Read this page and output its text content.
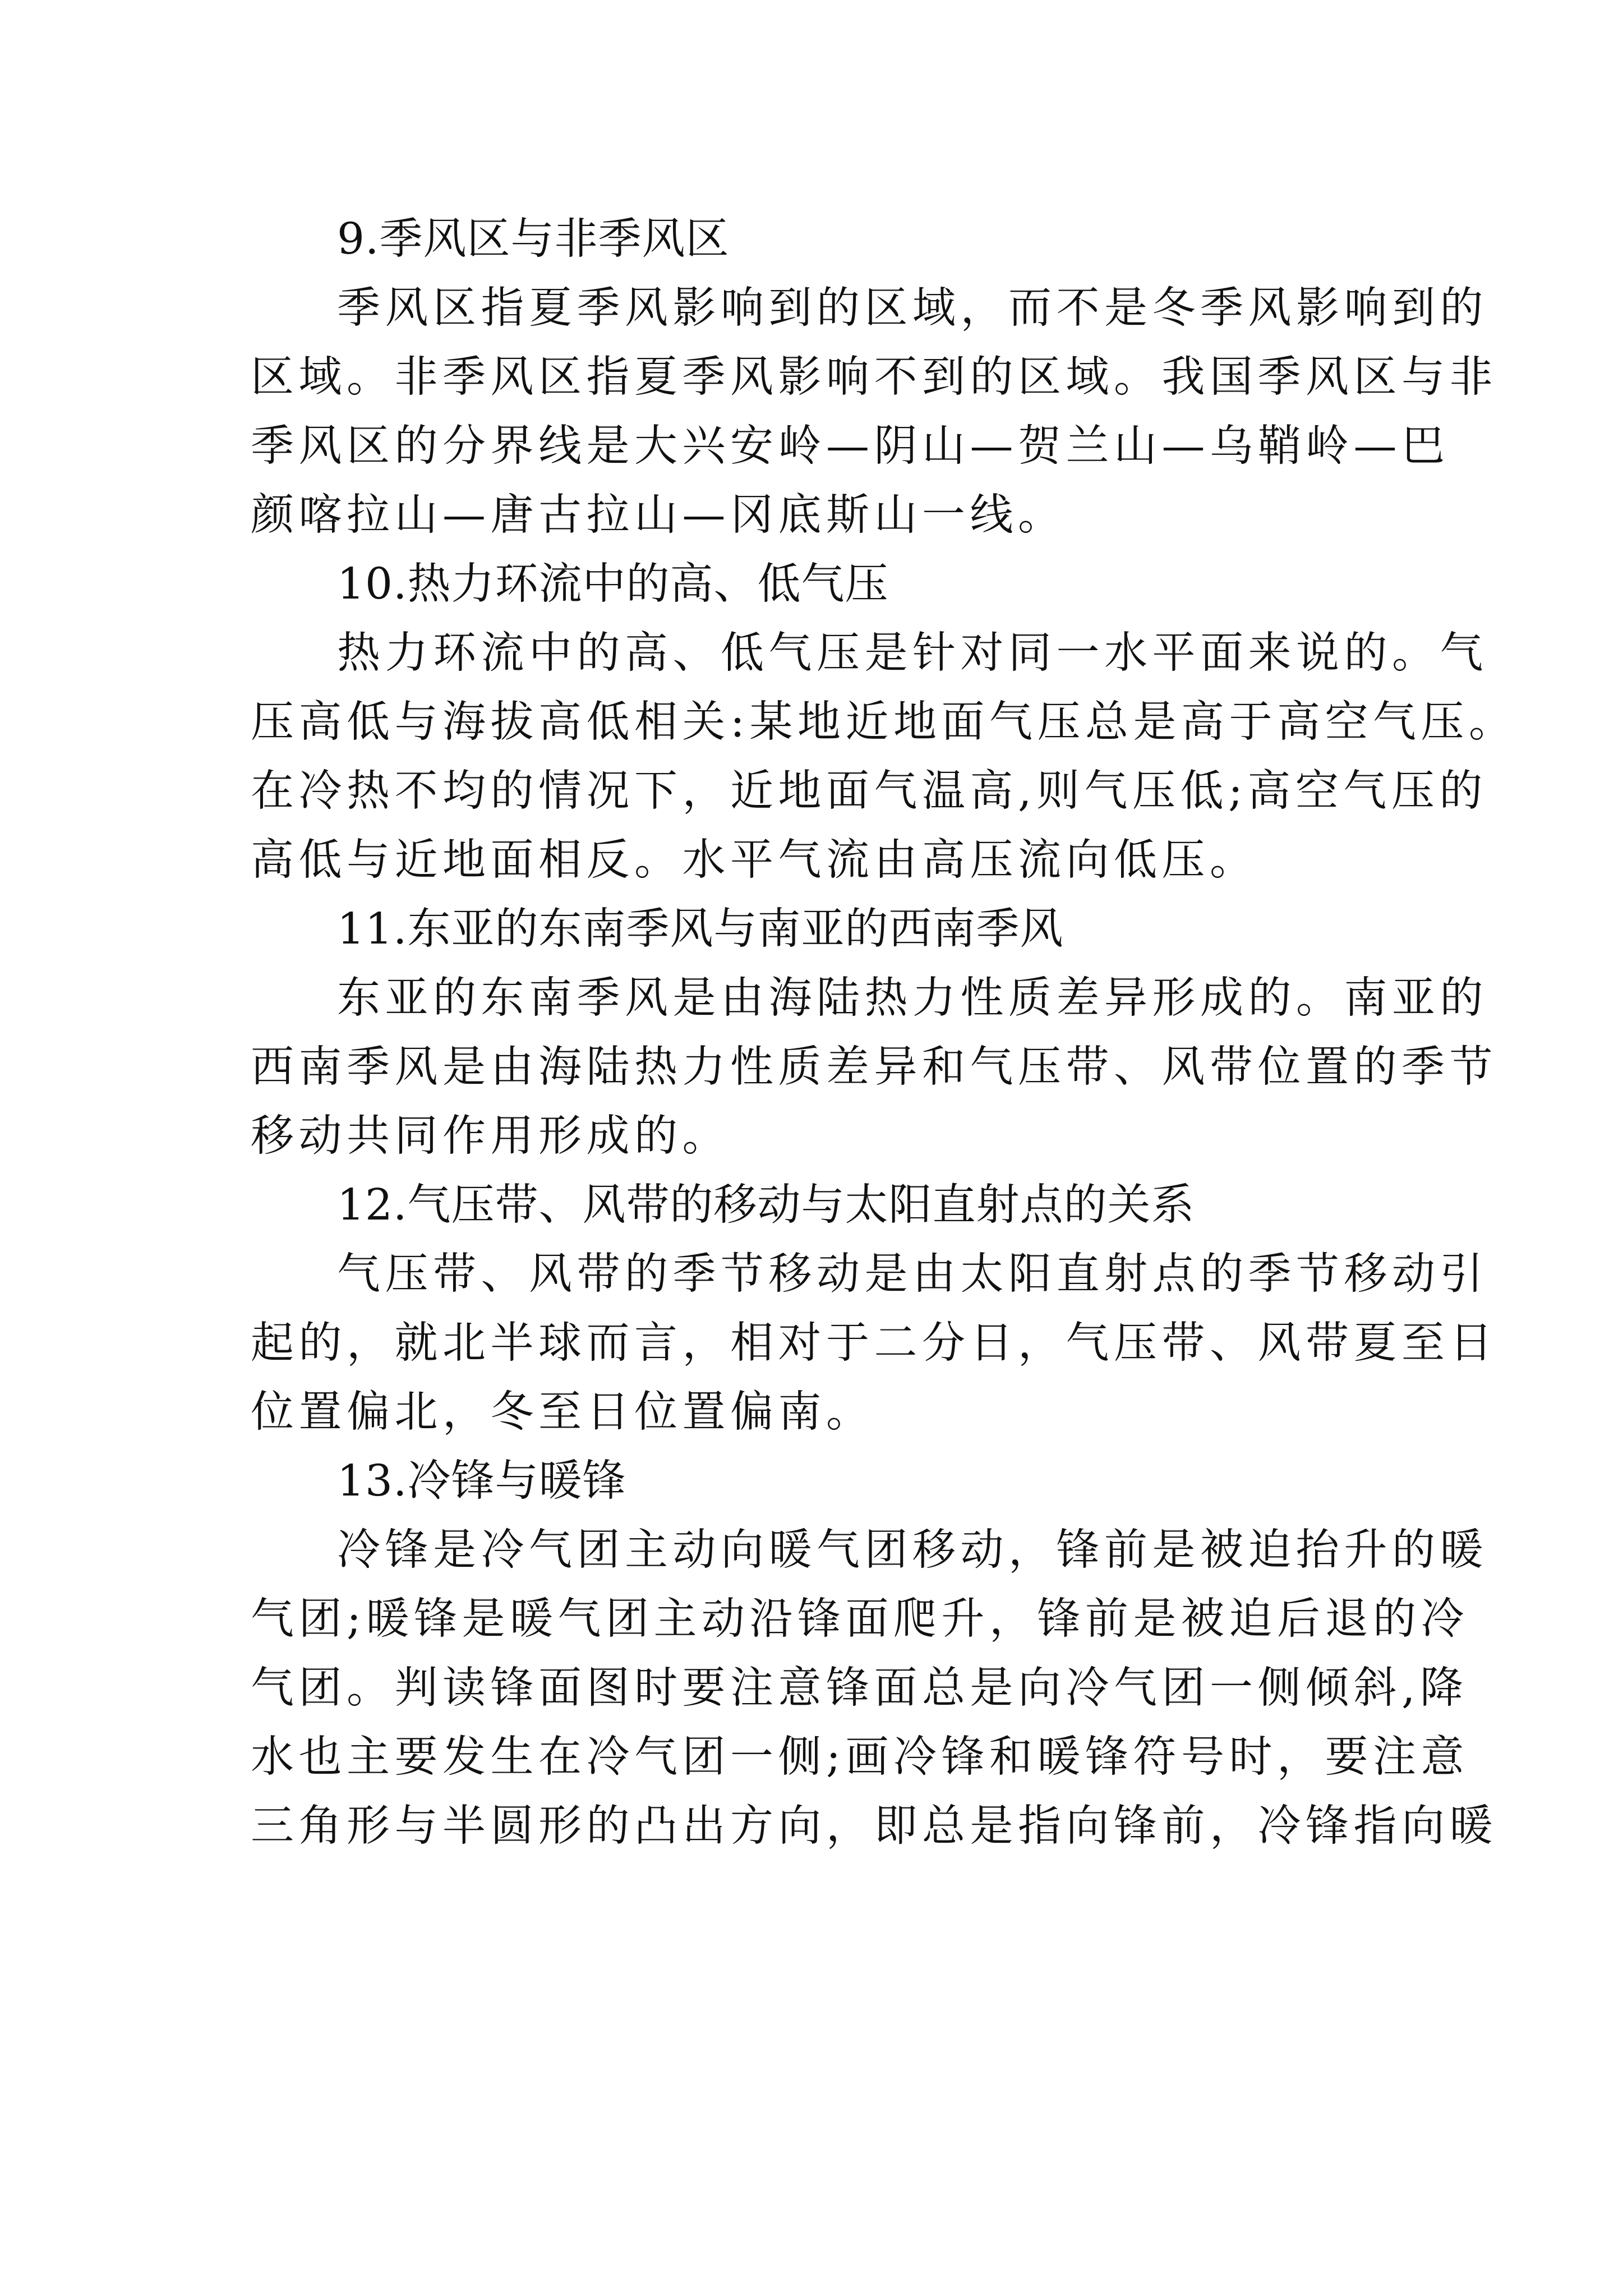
9.季风区与非季风区
季风区指夏季风影响到的区域，而不是冬季风影响到的
区域。非季风区指夏季风影响不到的区域。我国季风区与非
季风区的分界线是大兴安岭—阴山—贺兰山—乌鞘岭—巴
颜喀拉山—唐古拉山—冈底斯山一线。
10.热力环流中的高、低气压
热力环流中的高、低气压是针对同一水平面来说的。气
压高低与海拔高低相关:某地近地面气压总是高于高空气压。
在冷热不均的情况下，近地面气温高,则气压低;高空气压的
高低与近地面相反。水平气流由高压流向低压。
11.东亚的东南季风与南亚的西南季风
东亚的东南季风是由海陆热力性质差异形成的。南亚的
西南季风是由海陆热力性质差异和气压带、风带位置的季节
移动共同作用形成的。
12.气压带、风带的移动与太阳直射点的关系
气压带、风带的季节移动是由太阳直射点的季节移动引
起的，就北半球而言，相对于二分日，气压带、风带夏至日
位置偏北，冬至日位置偏南。
13.冷锋与暖锋
冷锋是冷气团主动向暖气团移动，锋前是被迫抬升的暖
气团;暖锋是暖气团主动沿锋面爬升，锋前是被迫后退的冷
气团。判读锋面图时要注意锋面总是向冷气团一侧倾斜,降
水也主要发生在冷气团一侧;画冷锋和暖锋符号时，要注意
三角形与半圆形的凸出方向，即总是指向锋前，冷锋指向暖
